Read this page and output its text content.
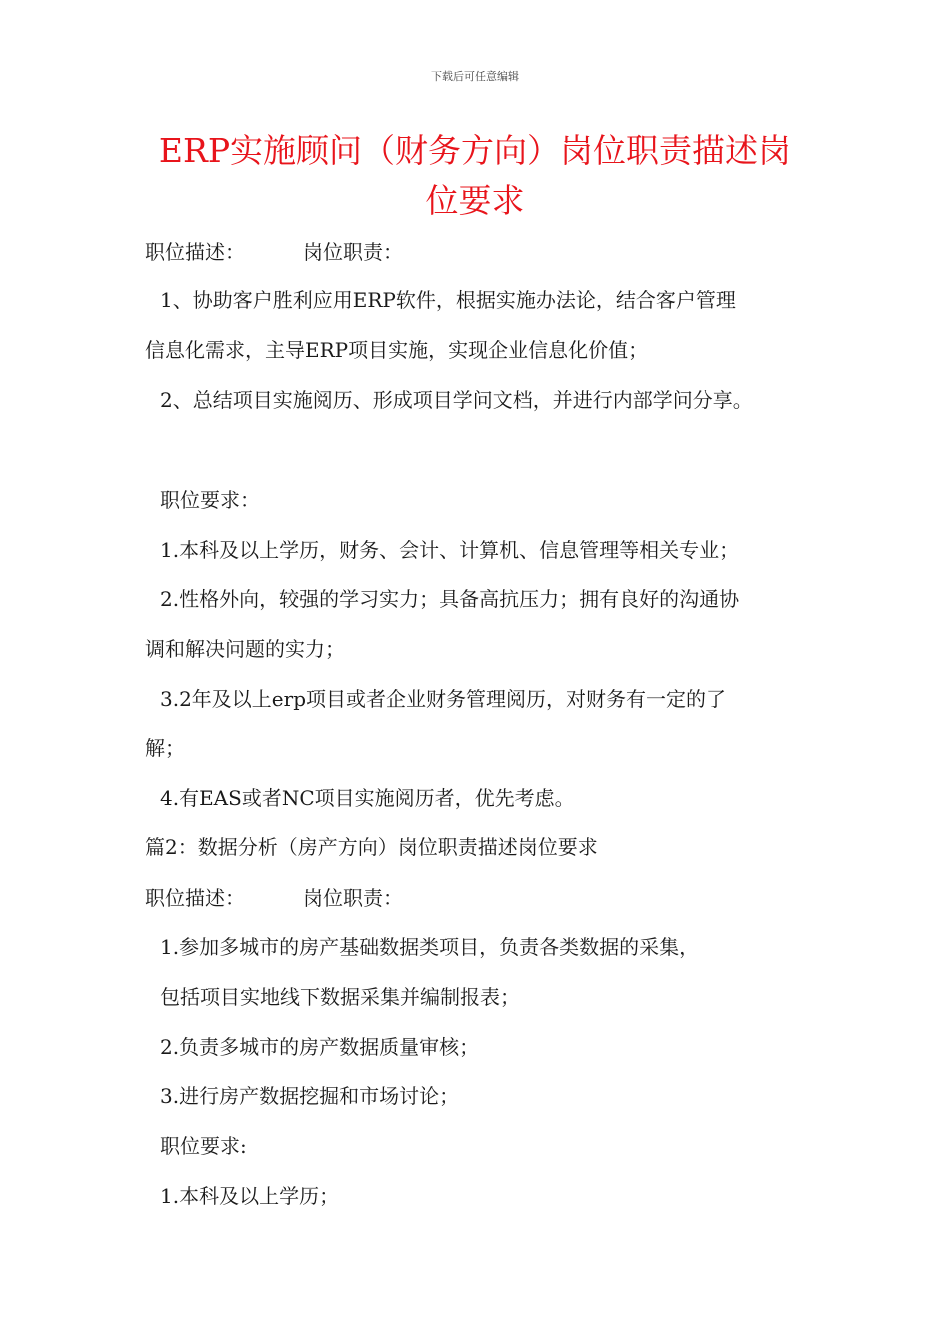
下载后可任意编辑
ERP实施顾问（财务方向）岗位职责描述岗
位要求
职位描述：	岗位职责：
1、协助客户胜利应用ERP软件，根据实施办法论，结合客户管理
信息化需求，主导ERP项目实施，实现企业信息化价值；
2、总结项目实施阅历、形成项目学问文档，并进行内部学问分享。
职位要求：
1.本科及以上学历，财务、会计、计算机、信息管理等相关专业；
2.性格外向，较强的学习实力；具备高抗压力；拥有良好的沟通协
调和解决问题的实力；
3.2年及以上erp项目或者企业财务管理阅历，对财务有一定的了
解；
4.有EAS或者NC项目实施阅历者，优先考虑。
篇2：数据分析（房产方向）岗位职责描述岗位要求
职位描述：	岗位职责：
1.参加多城市的房产基础数据类项目，负责各类数据的采集，
包括项目实地线下数据采集并编制报表；
2.负责多城市的房产数据质量审核；
3.进行房产数据挖掘和市场讨论；
职位要求:
1.本科及以上学历；
